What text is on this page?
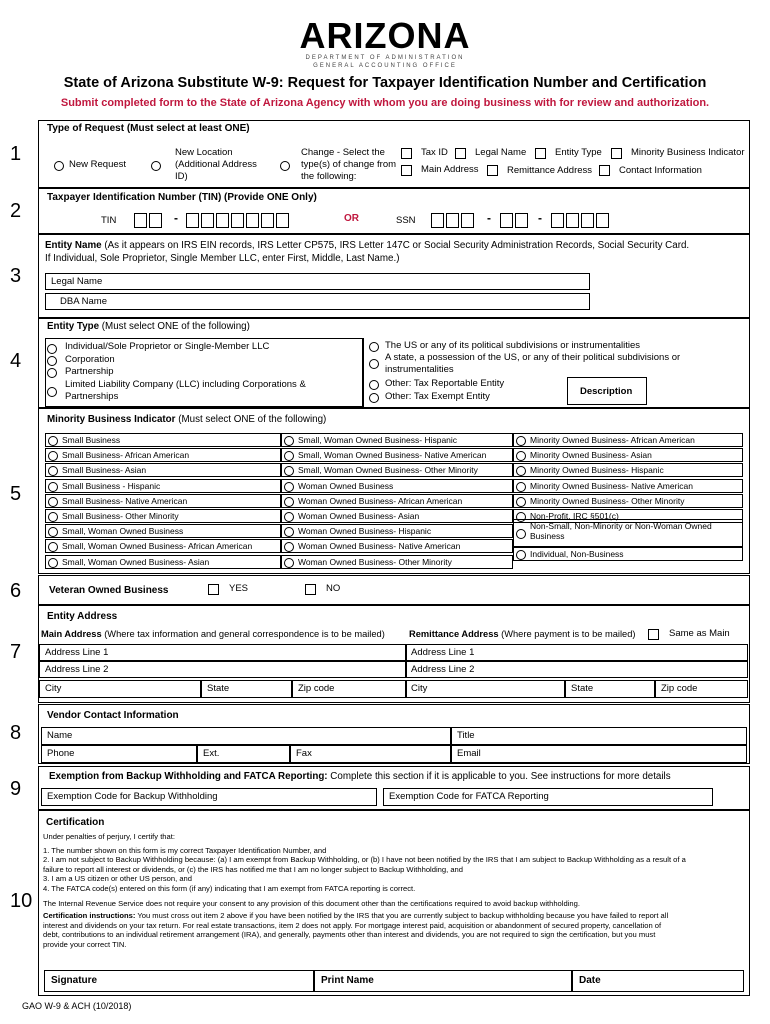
ARIZONA
DEPARTMENT OF ADMINISTRATION
GENERAL ACCOUNTING OFFICE
State of Arizona Substitute W-9: Request for Taxpayer Identification Number and Certification
Submit completed form to the State of Arizona Agency with whom you are doing business with for review and authorization.
1
2
3
4
5
6
7
8
9
10
Type of Request (Must select at least ONE)
New Request
New Location
(Additional Address
ID)
Change - Select the
type(s) of change from
the following:
Tax ID	Legal Name	Entity Type	Minority Business Indicator
Main Address	Remittance Address	Contact Information
Taxpayer Identification Number (TIN) (Provide ONE Only)
TIN	-	OR	SSN	-	-
Entity Name (As it appears on IRS EIN records, IRS Letter CP575, IRS Letter 147C or Social Security Administration Records, Social Security Card.
If Individual, Sole Proprietor, Single Member LLC, enter First, Middle, Last Name.)
Legal Name
DBA Name
Entity Type (Must select ONE of the following)
Individual/Sole Proprietor or Single-Member LLC
Corporation
Partnership
Limited Liability Company (LLC) including Corporations &
Partnerships
The US or any of its political subdivisions or instrumentalities
A state, a possession of the US, or any of their political subdivisions or
instrumentalities
Other: Tax Reportable Entity
Other: Tax Exempt Entity	Description
Minority Business Indicator (Must select ONE of the following)
Small Business
Small Business- African American
Small Business- Asian
Small Business - Hispanic
Small Business- Native American
Small Business- Other Minority
Small, Woman Owned Business
Small, Woman Owned Business- African American
Small, Woman Owned Business- Asian
Small, Woman Owned Business- Hispanic
Small, Woman Owned Business- Native American
Small, Woman Owned Business- Other Minority
Woman Owned Business
Woman Owned Business- African American
Woman Owned Business- Asian
Woman Owned Business- Hispanic
Woman Owned Business- Native American
Woman Owned Business- Other Minority
Minority Owned Business- African American
Minority Owned Business- Asian
Minority Owned Business- Hispanic
Minority Owned Business- Native American
Minority Owned Business- Other Minority
Non-Profit, IRC §501(c)
Non-Small, Non-Minority or Non-Woman Owned
Business
Individual, Non-Business
Veteran Owned Business	YES	NO
Entity Address
Main Address (Where tax information and general correspondence is to be mailed)	Remittance Address (Where payment is to be mailed)	Same as Main
Address Line 1
Address Line 2
City	State	Zip code
Address Line 1
Address Line 2
City	State	Zip code
Vendor Contact Information
Name	Title
Phone	Ext.	Fax	Email
Exemption from Backup Withholding and FATCA Reporting: Complete this section if it is applicable to you. See instructions for more details
Exemption Code for Backup Withholding	Exemption Code for FATCA Reporting
Certification
Under penalties of perjury, I certify that:
1. The number shown on this form is my correct Taxpayer Identification Number, and
2. I am not subject to Backup Withholding because: (a) I am exempt from Backup Withholding, or (b) I have not been notified by the IRS that I am subject to Backup Withholding as a result of a
failure to report all interest or dividends, or (c) the IRS has notified me that I am no longer subject to Backup Withholding, and
3. I am a US citizen or other US person, and
4. The FATCA code(s) entered on this form (if any) indicating that I am exempt from FATCA reporting is correct.
The Internal Revenue Service does not require your consent to any provision of this document other than the certifications required to avoid backup withholding.
Certification instructions: You must cross out item 2 above if you have been notified by the IRS that you are currently subject to backup withholding because you have failed to report all
interest and dividends on your tax return. For real estate transactions, item 2 does not apply. For mortgage interest paid, acquisition or abandonment of secured property, cancellation of
debt, contributions to an individual retirement arrangement (IRA), and generally, payments other than interest and dividends, you are not required to sign the certification, but you must
provide your correct TIN.
Signature	Print Name	Date
GAO W-9 & ACH (10/2018)
